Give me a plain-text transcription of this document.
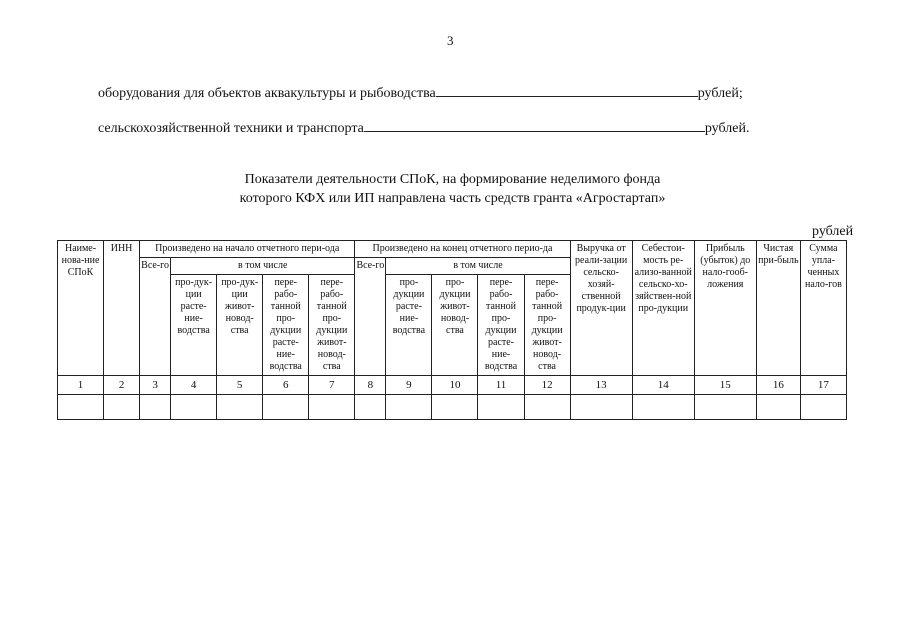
3
оборудования для объектов аквакультуры и рыбоводства	рублей;
сельскохозяйственной техники и транспорта	рублей.
Показатели деятельности СПоК, на формирование неделимого фонда
которого КФХ или ИП направлена часть средств гранта «Агростартап»
рублей
Наиме-нова-ние СПоК	ИНН	Произведено на начало отчетного пери-ода					Произведено на конец отчетного перио-да					Выручка от реали-зации сельско-хозяй-ственной продук-ции	Себестои-мость ре-ализо-ванной сельско-хо-зяйствен-ной про-дукции	Прибыль (убыток) до нало-гооб-ложения	Чистая при-быль	Сумма упла-ченных нало-гов
		Все-го	в том числе				Все-го	в том числе								
			про-дук-ции расте-ние-водства	про-дук-ции живот-новод-ства	пере-рабо-танной про-дукции расте-ние-водства	пере-рабо-танной про-дукции живот-новод-ства		про-дукции расте-ние-водства	про-дукции живот-новод-ства	пере-рабо-танной про-дукции расте-ние-водства	пере-рабо-танной про-дукции живот-новод-ства					
1	2	3	4	5	6	7	8	9	10	11	12	13	14	15	16	17
